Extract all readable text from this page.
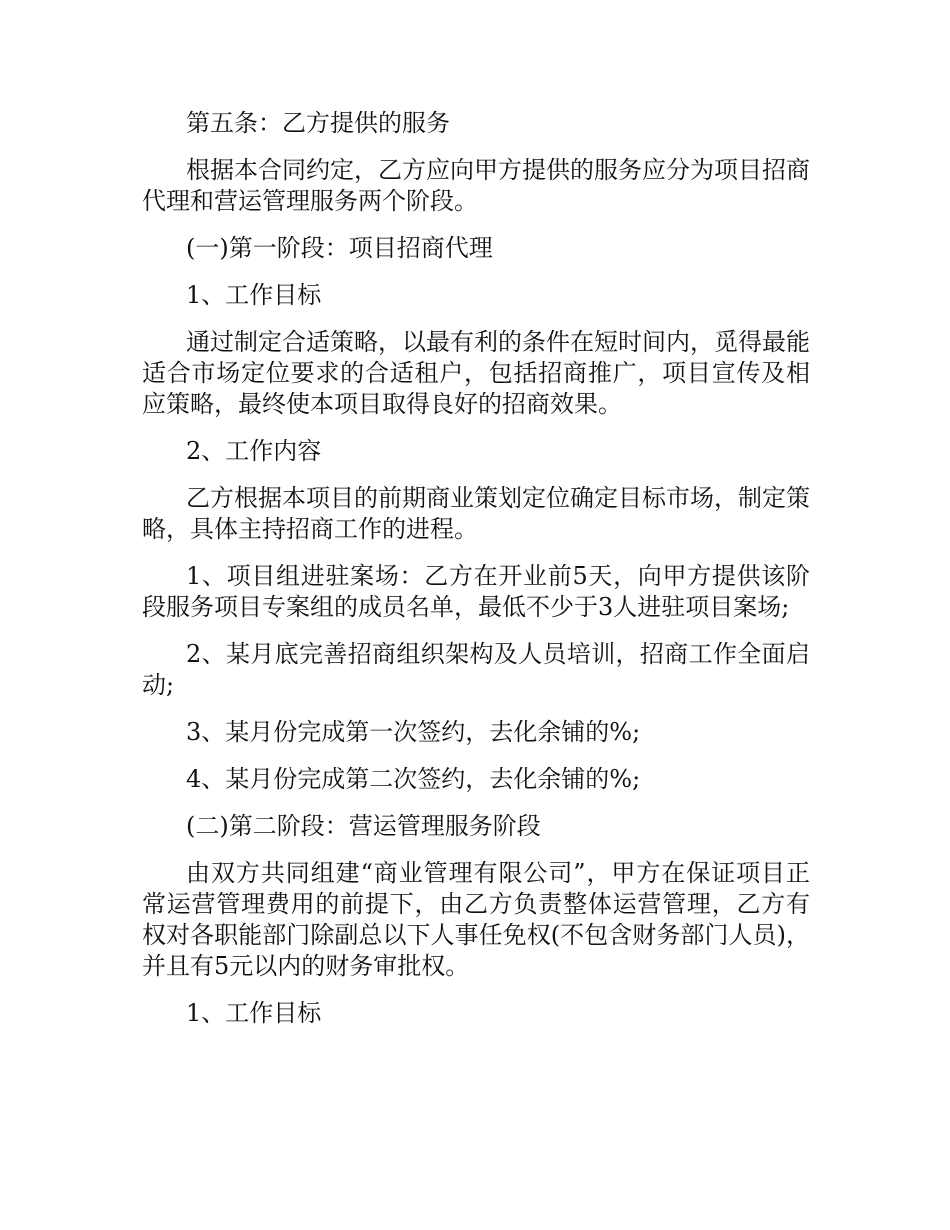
第五条：乙方提供的服务

根据本合同约定，乙方应向甲方提供的服务应分为项目招商代理和营运管理服务两个阶段。

(一)第一阶段：项目招商代理

1、工作目标

通过制定合适策略，以最有利的条件在短时间内，觅得最能适合市场定位要求的合适租户，包括招商推广，项目宣传及相应策略，最终使本项目取得良好的招商效果。

2、工作内容

乙方根据本项目的前期商业策划定位确定目标市场，制定策略，具体主持招商工作的进程。

1、项目组进驻案场：乙方在开业前5天，向甲方提供该阶段服务项目专案组的成员名单，最低不少于3人进驻项目案场;

2、某月底完善招商组织架构及人员培训，招商工作全面启动;

3、某月份完成第一次签约，去化余铺的%;

4、某月份完成第二次签约，去化余铺的%;

(二)第二阶段：营运管理服务阶段

由双方共同组建“商业管理有限公司”，甲方在保证项目正常运营管理费用的前提下，由乙方负责整体运营管理，乙方有权对各职能部门除副总以下人事任免权(不包含财务部门人员)，并且有5元以内的财务审批权。

1、工作目标
